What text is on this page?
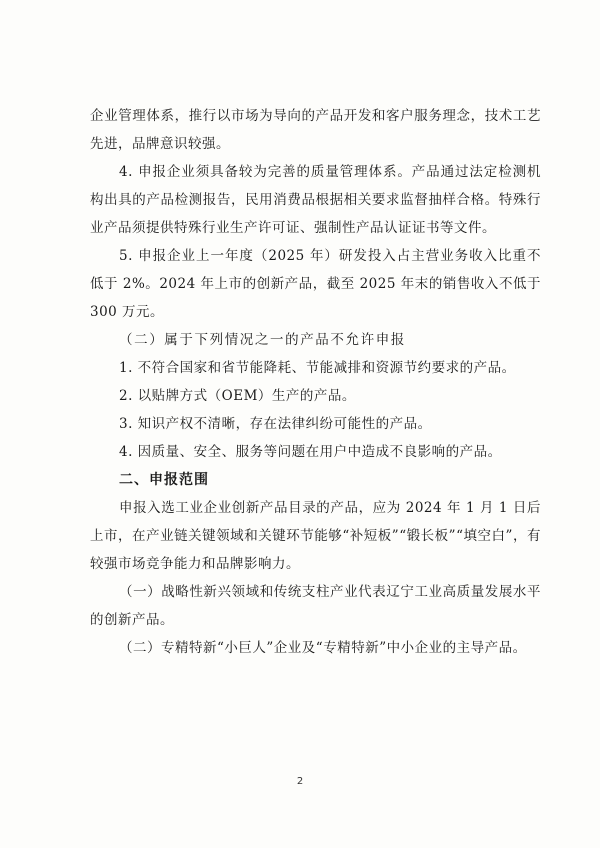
企业管理体系，推行以市场为导向的产品开发和客户服务理念，技术工艺先进，品牌意识较强。

4. 申报企业须具备较为完善的质量管理体系。产品通过法定检测机构出具的产品检测报告，民用消费品根据相关要求监督抽样合格。特殊行业产品须提供特殊行业生产许可证、强制性产品认证证书等文件。

5. 申报企业上一年度（2025 年）研发投入占主营业务收入比重不低于 2%。2024 年上市的创新产品，截至 2025 年末的销售收入不低于 300 万元。

（二）属于下列情况之一的产品不允许申报

1. 不符合国家和省节能降耗、节能减排和资源节约要求的产品。

2. 以贴牌方式（OEM）生产的产品。

3. 知识产权不清晰，存在法律纠纷可能性的产品。

4. 因质量、安全、服务等问题在用户中造成不良影响的产品。

二、申报范围

申报入选工业企业创新产品目录的产品，应为 2024 年 1 月 1 日后上市，在产业链关键领域和关键环节能够“补短板”“锻长板”“填空白”，有较强市场竞争能力和品牌影响力。

（一）战略性新兴领域和传统支柱产业代表辽宁工业高质量发展水平的创新产品。

（二）专精特新“小巨人”企业及“专精特新”中小企业的主导产品。

2
